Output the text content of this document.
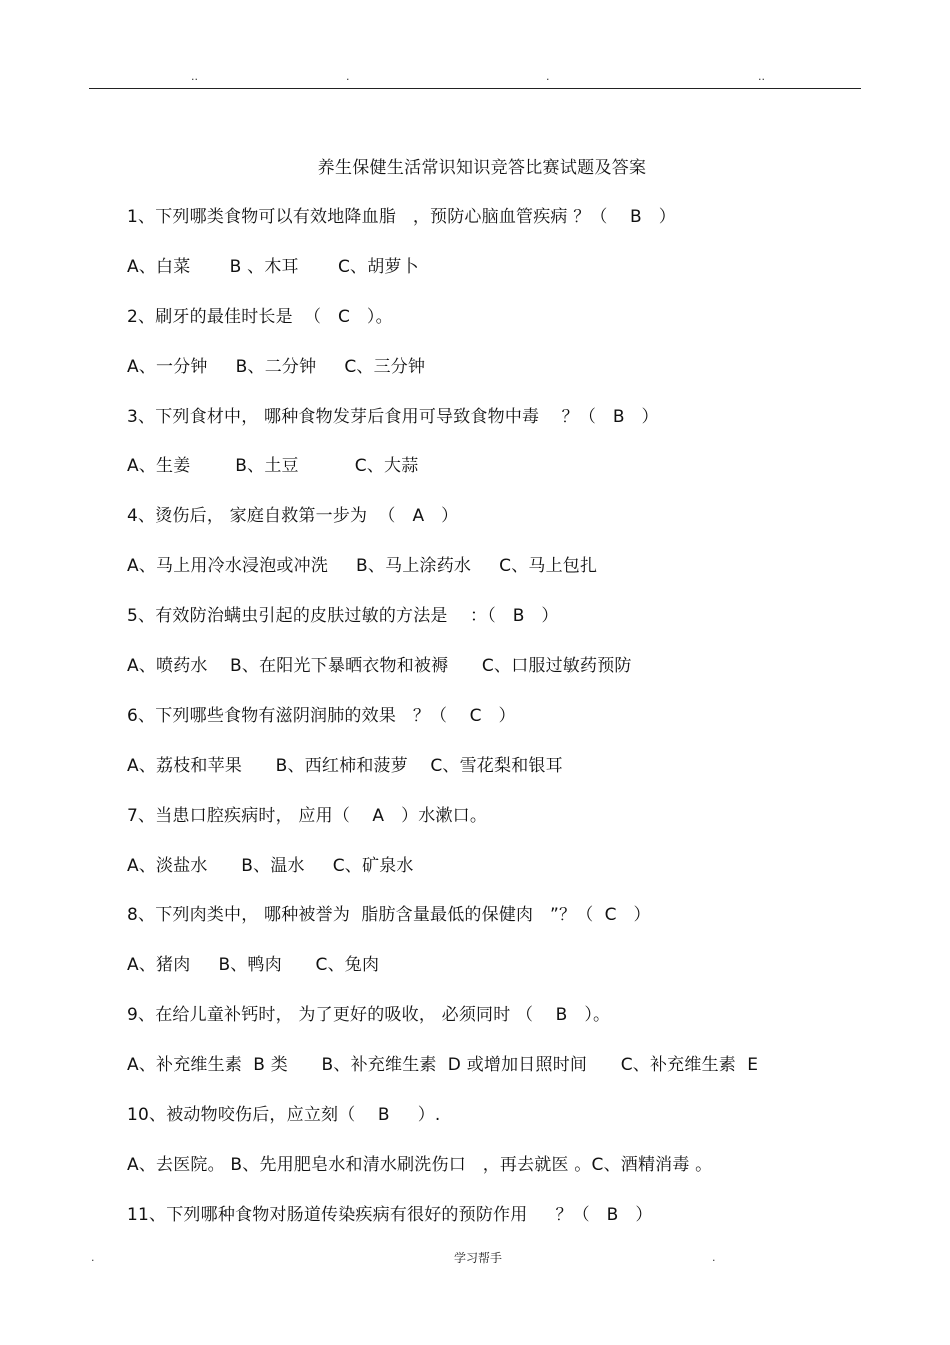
..	.	.	..
养生保健生活常识知识竞答比赛试题及答案
1、下列哪类食物可以有效地降血脂   ，预防心脑血管疾病 ？（    B   ）
A、白菜       B 、木耳       C、胡萝卜
2、刷牙的最佳时长是  （   C   ）。
A、一分钟     B、二分钟     C、三分钟
3、下列食材中， 哪种食物发芽后食用可导致食物中毒    ？（   B   ）
A、生姜        B、土豆          C、大蒜
4、烫伤后， 家庭自救第一步为  （   A   ）
A、马上用冷水浸泡或冲洗     B、马上涂药水     C、马上包扎
5、有效防治螨虫引起的皮肤过敏的方法是    ：（   B   ）
A、喷药水    B、在阳光下暴晒衣物和被褥      C、口服过敏药预防
6、下列哪些食物有滋阴润肺的效果   ？（    C   ）
A、荔枝和苹果      B、西红柿和菠萝    C、雪花梨和银耳
7、当患口腔疾病时， 应用（    A   ）水漱口。
A、淡盐水      B、温水     C、矿泉水
8、下列肉类中， 哪种被誉为  脂肪含量最低的保健肉   ”？（  C   ）
A、猪肉     B、鸭肉      C、兔肉
9、在给儿童补钙时， 为了更好的吸收， 必须同时 （    B   ）。
A、补充维生素  B 类      B、补充维生素  D 或增加日照时间      C、补充维生素  E
10、被动物咬伤后，应立刻（    B     ）.
A、去医院。 B、先用肥皂水和清水刷洗伤口   ，再去就医 。C、酒精消毒 。
11、下列哪种食物对肠道传染疾病有很好的预防作用     ？（   B   ）
.	学习帮手	.
